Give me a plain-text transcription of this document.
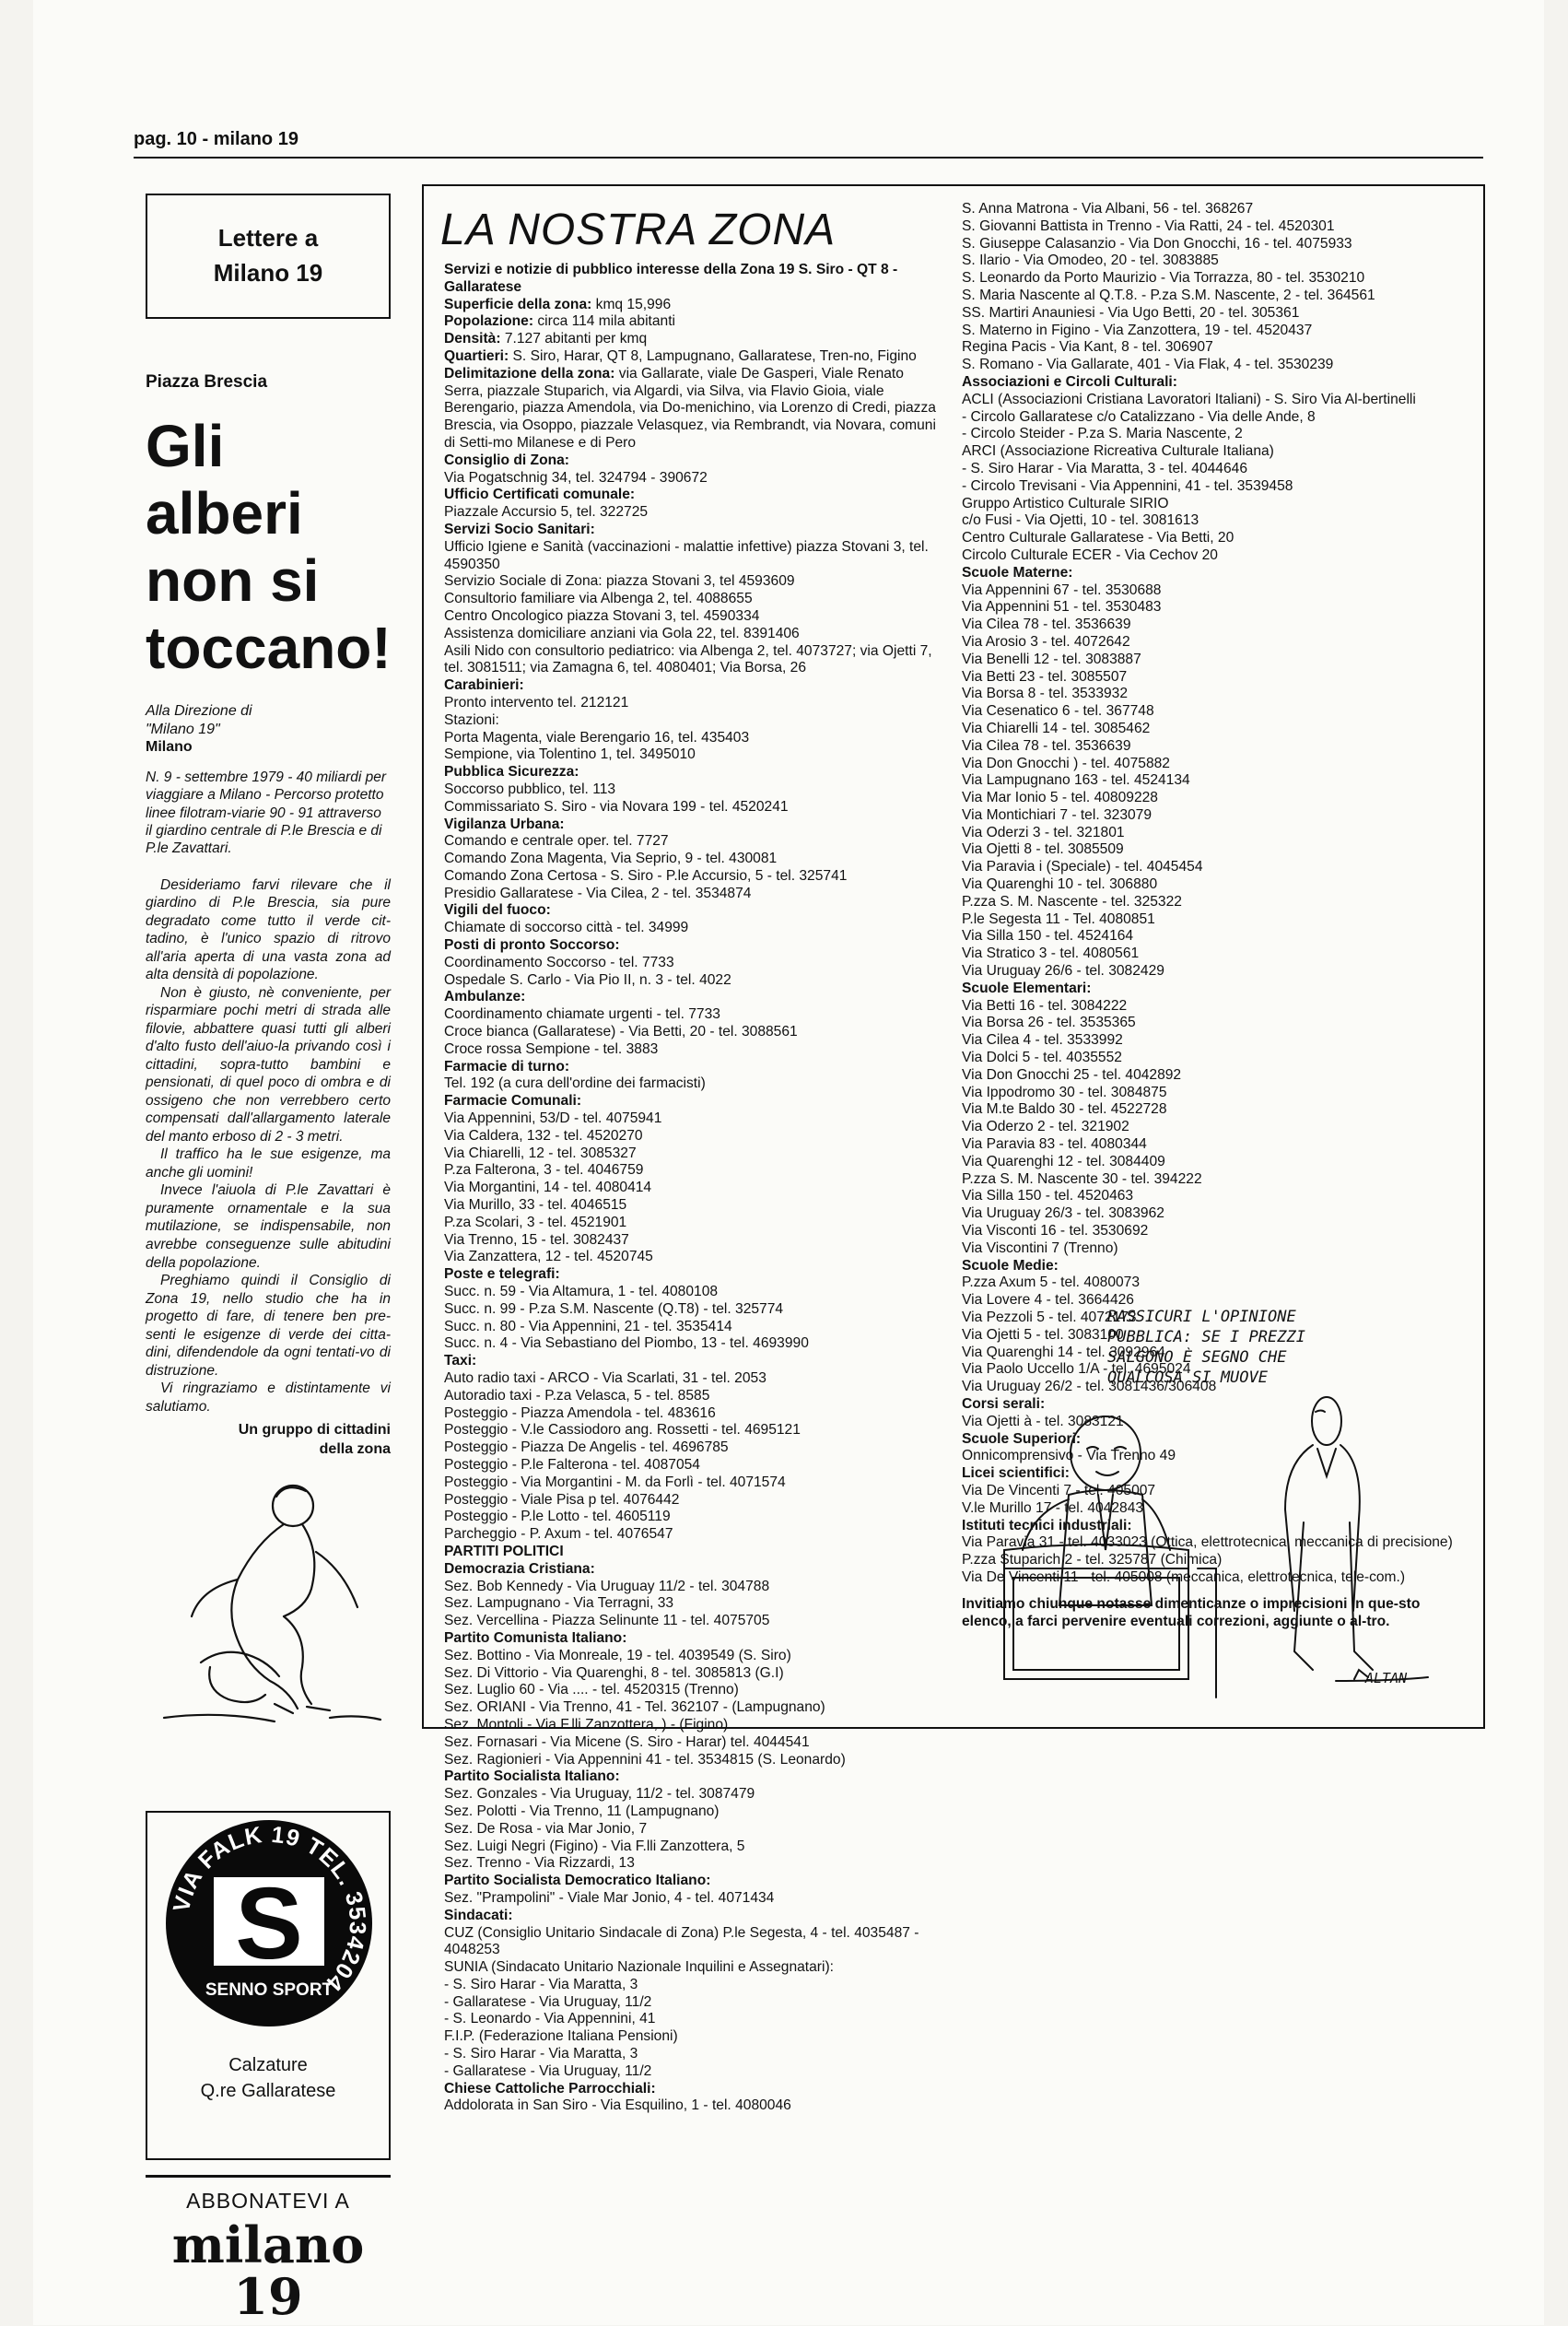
pag. 10 - milano 19
Lettere a
Milano 19
Piazza Brescia
Gli alberi
non si
toccano!
Alla Direzione di
"Milano 19"
Milano
N. 9 - settembre 1979 - 40 miliardi per viaggiare a Milano - Percorso protetto linee filotram-viarie 90 - 91 attraverso il giardino centrale di P.le Brescia e di P.le Zavattari.

Desideriamo farvi rilevare che il giardino di P.le Brescia, sia pure degradato come tutto il verde cit-tadino, è l'unico spazio di ritrovo all'aria aperta di una vasta zona ad alta densità di popolazione.

Non è giusto, nè conveniente, per risparmiare pochi metri di strada alle filovie, abbattere quasi tutti gli alberi d'alto fusto dell'aiuo-la privando così i cittadini, sopra-tutto bambini e pensionati, di quel poco di ombra e di ossigeno che non verrebbero certo compensati dall'allargamento laterale del manto erboso di 2 - 3 metri.

Il traffico ha le sue esigenze, ma anche gli uomini!

Invece l'aiuola di P.le Zavattari è puramente ornamentale e la sua mutilazione, se indispensabile, non avrebbe conseguenze sulle abitudini della popolazione.

Preghiamo quindi il Consiglio di Zona 19, nello studio che ha in progetto di fare, di tenere ben pre-senti le esigenze di verde dei citta-dini, difendendole da ogni tentati-vo di distruzione.

Vi ringraziamo e distintamente vi salutiamo.

Un gruppo di cittadini
della zona
VIA FALK 19 TEL. 3534204
S
SENNO SPORT
Calzature
Q.re Gallaratese
ABBONATEVI A
milano
19
LA NOSTRA ZONA
Servizi e notizie di pubblico interesse della Zona 19 S. Siro - QT 8 - Gallaratese
Superficie della zona: kmq 15,996
Popolazione: circa 114 mila abitanti
Densità: 7.127 abitanti per kmq
Quartieri: S. Siro, Harar, QT 8, Lampugnano, Gallaratese, Tren-no, Figino
Delimitazione della zona: via Gallarate, viale De Gasperi, Viale Renato Serra, piazzale Stuparich, via Algardi, via Silva, via Flavio Gioia, viale Berengario, piazza Amendola, via Do-menichino, via Lorenzo di Credi, piazza Brescia, via Osoppo, piazzale Velasquez, via Rembrandt, via Novara, comuni di Setti-mo Milanese e di Pero
Consiglio di Zona:
Via Pogatschnig 34, tel. 324794 - 390672
Ufficio Certificati comunale:
Piazzale Accursio 5, tel. 322725
Servizi Socio Sanitari:
Ufficio Igiene e Sanità (vaccinazioni - malattie infettive) piazza Stovani 3, tel. 4590350
Servizio Sociale di Zona: piazza Stovani 3, tel 4593609
Consultorio familiare via Albenga 2, tel. 4088655
Centro Oncologico piazza Stovani 3, tel. 4590334
Assistenza domiciliare anziani via Gola 22, tel. 8391406
Asili Nido con consultorio pediatrico: via Albenga 2, tel. 4073727; via Ojetti 7, tel. 3081511; via Zamagna 6, tel. 4080401; Via Borsa, 26
Carabinieri:
Pronto intervento tel. 212121
Stazioni:
Porta Magenta, viale Berengario 16, tel. 435403
Sempione, via Tolentino 1, tel. 3495010
Pubblica Sicurezza:
Soccorso pubblico, tel. 113
Commissariato S. Siro - via Novara 199 - tel. 4520241
Vigilanza Urbana:
Comando e centrale oper. tel. 7727
Comando Zona Magenta, Via Seprio, 9 - tel. 430081
Comando Zona Certosa - S. Siro - P.le Accursio, 5 - tel. 325741
Presidio Gallaratese - Via Cilea, 2 - tel. 3534874
Vigili del fuoco:
Chiamate di soccorso città - tel. 34999
Posti di pronto Soccorso:
Coordinamento Soccorso - tel. 7733
Ospedale S. Carlo - Via Pio II, n. 3 - tel. 4022
Ambulanze:
Coordinamento chiamate urgenti - tel. 7733
Croce bianca (Gallaratese) - Via Betti, 20 - tel. 3088561
Croce rossa Sempione - tel. 3883
Farmacie di turno:
Tel. 192 (a cura dell'ordine dei farmacisti)
Farmacie Comunali:
Via Appennini, 53/D - tel. 4075941
Via Caldera, 132 - tel. 4520270
Via Chiarelli, 12 - tel. 3085327
P.za Falterona, 3 - tel. 4046759
Via Morgantini, 14 - tel. 4080414
Via Murillo, 33 - tel. 4046515
P.za Scolari, 3 - tel. 4521901
Via Trenno, 15 - tel. 3082437
Via Zanzattera, 12 - tel. 4520745
Poste e telegrafi:
Succ. n. 59 - Via Altamura, 1 - tel. 4080108
Succ. n. 99 - P.za S.M. Nascente (Q.T8) - tel. 325774
Succ. n. 80 - Via Appennini, 21 - tel. 3535414
Succ. n. 4 - Via Sebastiano del Piombo, 13 - tel. 4693990
Taxi:
Auto radio taxi - ARCO - Via Scarlati, 31 - tel. 2053
Autoradio taxi - P.za Velasca, 5 - tel. 8585
Posteggio - Piazza Amendola - tel. 483616
Posteggio - V.le Cassiodoro ang. Rossetti - tel. 4695121
Posteggio - Piazza De Angelis - tel. 4696785
Posteggio - P.le Falterona - tel. 4087054
Posteggio - Via Morgantini - M. da Forlì - tel. 4071574
Posteggio - Viale Pisa p tel. 4076442
Posteggio - P.le Lotto - tel. 4605119
Parcheggio - P. Axum - tel. 4076547
PARTITI POLITICI
Democrazia Cristiana:
Sez. Bob Kennedy - Via Uruguay 11/2 - tel. 304788
Sez. Lampugnano - Via Terragni, 33
Sez. Vercellina - Piazza Selinunte 11 - tel. 4075705
Partito Comunista Italiano:
Sez. Bottino - Via Monreale, 19 - tel. 4039549 (S. Siro)
Sez. Di Vittorio - Via Quarenghi, 8 - tel. 3085813 (G.I)
Sez. Luglio 60 - Via .... - tel. 4520315 (Trenno)
Sez. ORIANI - Via Trenno, 41 - Tel. 362107 - (Lampugnano)
Sez. Montoli - Via F.lli Zanzottera, ) - (Figino)
Sez. Fornasari - Via Micene (S. Siro - Harar) tel. 4044541
Sez. Ragionieri - Via Appennini 41 - tel. 3534815 (S. Leonardo)
Partito Socialista Italiano:
Sez. Gonzales - Via Uruguay, 11/2 - tel. 3087479
Sez. Polotti - Via Trenno, 11 (Lampugnano)
Sez. De Rosa - via Mar Jonio, 7
Sez. Luigi Negri (Figino) - Via F.lli Zanzottera, 5
Sez. Trenno - Via Rizzardi, 13
Partito Socialista Democratico Italiano:
Sez. "Prampolini" - Viale Mar Jonio, 4 - tel. 4071434
Sindacati:
CUZ (Consiglio Unitario Sindacale di Zona) P.le Segesta, 4 - tel. 4035487 - 4048253
SUNIA (Sindacato Unitario Nazionale Inquilini e Assegnatari):
- S. Siro Harar - Via Maratta, 3
- Gallaratese - Via Uruguay, 11/2
- S. Leonardo - Via Appennini, 41
F.I.P. (Federazione Italiana Pensioni)
- S. Siro Harar - Via Maratta, 3
- Gallaratese - Via Uruguay, 11/2
Chiese Cattoliche Parrocchiali:
Addolorata in San Siro - Via Esquilino, 1 - tel. 4080046
S. Anna Matrona - Via Albani, 56 - tel. 368267
S. Giovanni Battista in Trenno - Via Ratti, 24 - tel. 4520301
S. Giuseppe Calasanzio - Via Don Gnocchi, 16 - tel. 4075933
S. Ilario - Via Omodeo, 20 - tel. 3083885
S. Leonardo da Porto Maurizio - Via Torrazza, 80 - tel. 3530210
S. Maria Nascente al Q.T.8. - P.za S.M. Nascente, 2 - tel. 364561
SS. Martiri Anauniesi - Via Ugo Betti, 20 - tel. 305361
S. Materno in Figino - Via Zanzottera, 19 - tel. 4520437
Regina Pacis - Via Kant, 8 - tel. 306907
S. Romano - Via Gallarate, 401 - Via Flak, 4 - tel. 3530239
Associazioni e Circoli Culturali:
ACLI (Associazioni Cristiana Lavoratori Italiani) - S. Siro Via Al-bertinelli
- Circolo Gallaratese c/o Catalizzano - Via delle Ande, 8
- Circolo Steider - P.za S. Maria Nascente, 2
ARCI (Associazione Ricreativa Culturale Italiana)
- S. Siro Harar - Via Maratta, 3 - tel. 4044646
- Circolo Trevisani - Via Appennini, 41 - tel. 3539458
Gruppo Artistico Culturale SIRIO
c/o Fusi - Via Ojetti, 10 - tel. 3081613
Centro Culturale Gallaratese - Via Betti, 20
Circolo Culturale ECER - Via Cechov 20
Scuole Materne:
Via Appennini 67 - tel. 3530688
Via Appennini 51 - tel. 3530483
Via Cilea 78 - tel. 3536639
Via Arosio 3 - tel. 4072642
Via Benelli 12 - tel. 3083887
Via Betti 23 - tel. 3085507
Via Borsa 8 - tel. 3533932
Via Cesenatico 6 - tel. 367748
Via Chiarelli 14 - tel. 3085462
Via Cilea 78 - tel. 3536639
Via Don Gnocchi ) - tel. 4075882
Via Lampugnano 163 - tel. 4524134
Via Mar Ionio 5 - tel. 40809228
Via Montichiari 7 - tel. 323079
Via Oderzi 3 - tel. 321801
Via Ojetti 8 - tel. 3085509
Via Paravia i (Speciale) - tel. 4045454
Via Quarenghi 10 - tel. 306880
P.zza S. M. Nascente - tel. 325322
P.le Segesta 11 - Tel. 4080851
Via Silla 150 - tel. 4524164
Via Stratico 3 - tel. 4080561
Via Uruguay 26/6 - tel. 3082429
Scuole Elementari:
Via Betti 16 - tel. 3084222
Via Borsa 26 - tel. 3535365
Via Cilea 4 - tel. 3533992
Via Dolci 5 - tel. 4035552
Via Don Gnocchi 25 - tel. 4042892
Via Ippodromo 30 - tel. 3084875
Via M.te Baldo 30 - tel. 4522728
Via Oderzo 2 - tel. 321902
Via Paravia 83 - tel. 4080344
Via Quarenghi 12 - tel. 3084409
P.zza S. M. Nascente 30 - tel. 394222
Via Silla 150 - tel. 4520463
Via Uruguay 26/3 - tel. 3083962
Via Visconti 16 - tel. 3530692
Via Viscontini 7 (Trenno)
Scuole Medie:
P.zza Axum 5 - tel. 4080073
Via Lovere 4 - tel. 3664426
Via Pezzoli 5 - tel. 4072173
Via Ojetti 5 - tel. 3083100
Via Quarenghi 14 - tel. 3092964
Via Paolo Uccello 1/A - tel. 4695024
Via Uruguay 26/2 - tel. 3081436/306408
Corsi serali:
Via Ojetti à - tel. 3083121
Scuole Superiori:
Onnicomprensivo - Via Trenno 49
Licei scientifici:
Via De Vincenti 7 - tel. 405007
V.le Murillo 17 - tel. 4042843
Istituti tecnici industriali:
Via Paravia 31 - tel. 4033023 (Ottica, elettrotecnica, meccanica di precisione)
P.zza Stuparich 2 - tel. 325787 (Chimica)
Via De Vincenti 11 - tel. 405008 (meccanica, elettrotecnica, tele-com.)
Invitiamo chiunque notasse dimenticanze o imprecisioni in que-sto elenco, a farci pervenire eventuali correzioni, aggiunte o al-tro.
RASSICURI L'OPINIONE
PUBBLICA: SE I PREZZI
SALGONO È SEGNO CHE
QUALCOSA SI MUOVE
ALTAN
